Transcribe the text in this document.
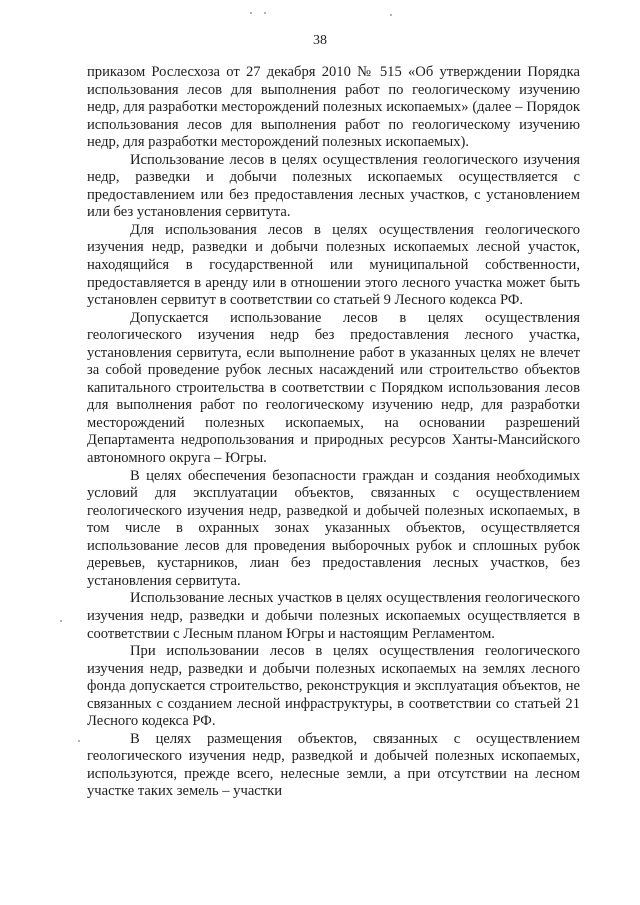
38

приказом Рослесхоза от 27 декабря 2010 № 515 «Об утверждении Порядка использования лесов для выполнения работ по геологическому изучению недр, для разработки месторождений полезных ископаемых» (далее – Порядок использования лесов для выполнения работ по геологическому изучению недр, для разработки месторождений полезных ископаемых).

Использование лесов в целях осуществления геологического изучения недр, разведки и добычи полезных ископаемых осуществляется с предоставлением или без предоставления лесных участков, с установлением или без установления сервитута.

Для использования лесов в целях осуществления геологического изучения недр, разведки и добычи полезных ископаемых лесной участок, находящийся в государственной или муниципальной собственности, предоставляется в аренду или в отношении этого лесного участка может быть установлен сервитут в соответствии со статьей 9 Лесного кодекса РФ.

Допускается использование лесов в целях осуществления геологического изучения недр без предоставления лесного участка, установления сервитута, если выполнение работ в указанных целях не влечет за собой проведение рубок лесных насаждений или строительство объектов капитального строительства в соответствии с Порядком использования лесов для выполнения работ по геологическому изучению недр, для разработки месторождений полезных ископаемых, на основании разрешений Департамента недропользования и природных ресурсов Ханты-Мансийского автономного округа – Югры.

В целях обеспечения безопасности граждан и создания необходимых условий для эксплуатации объектов, связанных с осуществлением геологического изучения недр, разведкой и добычей полезных ископаемых, в том числе в охранных зонах указанных объектов, осуществляется использование лесов для проведения выборочных рубок и сплошных рубок деревьев, кустарников, лиан без предоставления лесных участков, без установления сервитута.

Использование лесных участков в целях осуществления геологического изучения недр, разведки и добычи полезных ископаемых осуществляется в соответствии с Лесным планом Югры и настоящим Регламентом.

При использовании лесов в целях осуществления геологического изучения недр, разведки и добычи полезных ископаемых на землях лесного фонда допускается строительство, реконструкция и эксплуатация объектов, не связанных с созданием лесной инфраструктуры, в соответствии со статьей 21 Лесного кодекса РФ.

В целях размещения объектов, связанных с осуществлением геологического изучения недр, разведкой и добычей полезных ископаемых, используются, прежде всего, нелесные земли, а при отсутствии на лесном участке таких земель – участки
